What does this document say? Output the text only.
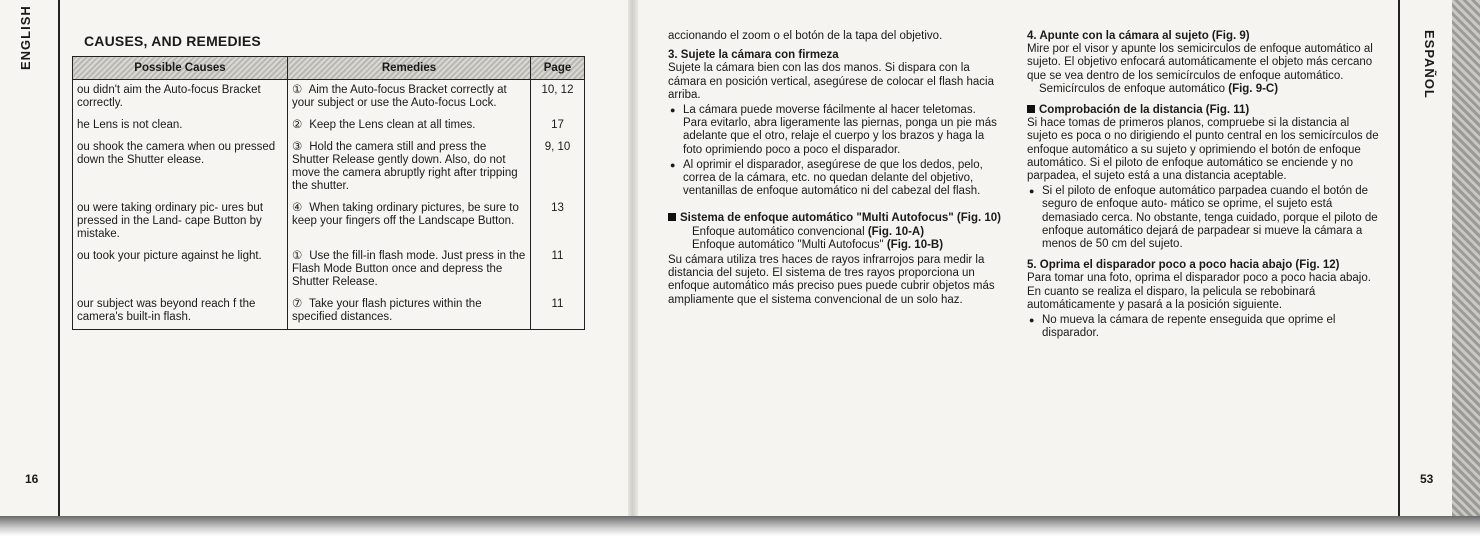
ENGLISH	ESPAÑOL
16	53
CAUSES, AND REMEDIES
Possible Causes	Remedies	Page
ou didn't aim the Auto-focus Bracket correctly.	① Aim the Auto-focus Bracket correctly at your subject or use the Auto-focus Lock.	10, 12
he Lens is not clean.	② Keep the Lens clean at all times.	17
ou shook the camera when ou pressed down the Shutter elease.	③ Hold the camera still and press the Shutter Release gently down. Also, do not move the camera abruptly right after tripping the shutter.	9, 10
ou were taking ordinary pic- ures but pressed in the Land- cape Button by mistake.	④ When taking ordinary pictures, be sure to keep your fingers off the Landscape Button.	13
ou took your picture against he light.	① Use the fill-in flash mode. Just press in the Flash Mode Button once and depress the Shutter Release.	11
our subject was beyond reach f the camera's built-in flash.	⑦ Take your flash pictures within the specified distances.	11

accionando el zoom o el botón de la tapa del objetivo.

3. Sujete la cámara con firmeza

Sujete la cámara bien con las dos manos. Si dispara con la cámara en posición vertical, asegúrese de colocar el flash hacia arriba.

● La cámara puede moverse fácilmente al hacer teletomas.
Para evitarlo, abra ligeramente las piernas, ponga un pie más adelante que el otro, relaje el cuerpo y los brazos y haga la foto oprimiendo poco a poco el disparador.
● Al oprimir el disparador, asegúrese de que los dedos, pelo, correa de la cámara, etc. no quedan delante del objetivo, ventanillas de enfoque automático ni del cabezal del flash.
Sistema de enfoque automático "Multi Autofocus" (Fig. 10)
Enfoque automático convencional (Fig. 10-A)
Enfoque automático "Multi Autofocus" (Fig. 10-B)

Su cámara utiliza tres haces de rayos infrarrojos para medir la distancia del sujeto. El sistema de tres rayos proporciona un enfoque automático más preciso pues puede cubrir objetos más ampliamente que el sistema convencional de un solo haz.

4. Apunte con la cámara al sujeto (Fig. 9)

Mire por el visor y apunte los semicirculos de enfoque automático al sujeto. El objetivo enfocará automáticamente el objeto más cercano que se vea dentro de los semicírculos de enfoque automático.

Semicírculos de enfoque automático (Fig. 9-C)
Comprobación de la distancia (Fig. 11)

Si hace tomas de primeros planos, compruebe si la distancia al sujeto es poca o no dirigiendo el punto central en los semicírculos de enfoque automático a su sujeto y oprimiendo el botón de enfoque automático. Si el piloto de enfoque automático se enciende y no parpadea, el sujeto está a una distancia aceptable.

● Si el piloto de enfoque automático parpadea cuando el botón de seguro de enfoque auto- mático se oprime, el sujeto está demasiado cerca. No obstante, tenga cuidado, porque el piloto de enfoque automático dejará de parpadear si mueve la cámara a menos de 50 cm del sujeto.
5. Oprima el disparador poco a poco hacia abajo (Fig. 12)

Para tomar una foto, oprima el disparador poco a poco hacia abajo. En cuanto se realiza el disparo, la pelicula se rebobinará automáticamente y pasará a la posición siguiente.

● No mueva la cámara de repente enseguida que oprime el disparador.
